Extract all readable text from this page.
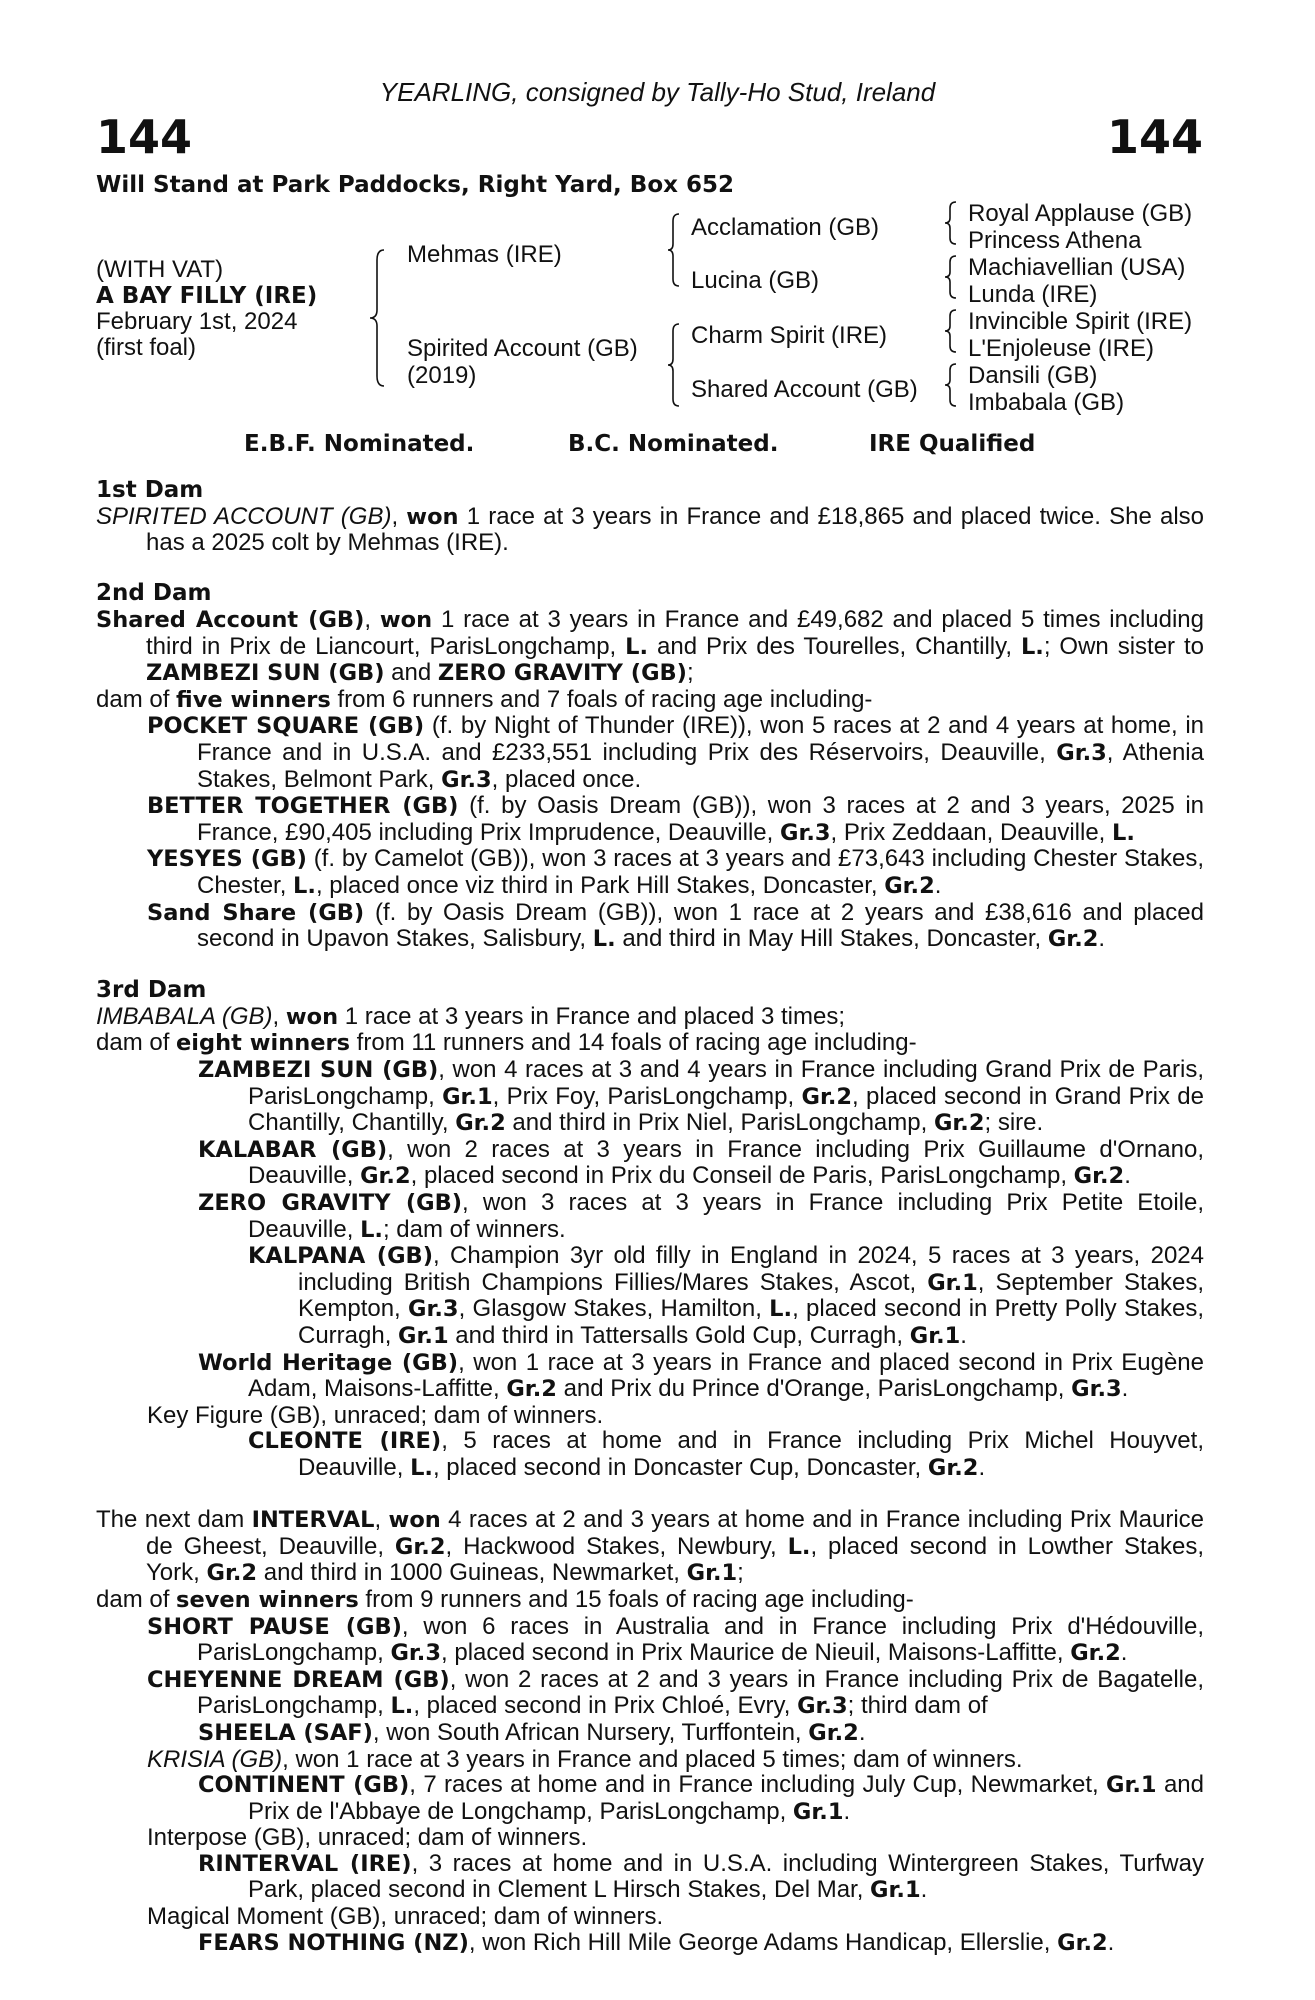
YEARLING, consigned by Tally-Ho Stud, Ireland
144	144
Will Stand at Park Paddocks, Right Yard, Box 652
(WITH VAT)
A BAY FILLY (IRE)
February 1st, 2024
(first foal)
Mehmas (IRE)
Spirited Account (GB)
(2019)
Acclamation (GB)
Lucina (GB)
Charm Spirit (IRE)
Shared Account (GB)
Royal Applause (GB)
Princess Athena
Machiavellian (USA)
Lunda (IRE)
Invincible Spirit (IRE)
L'Enjoleuse (IRE)
Dansili (GB)
Imbabala (GB)
E.B.F. Nominated.	B.C. Nominated.	IRE Qualified
1st Dam
SPIRITED ACCOUNT (GB), won 1 race at 3 years in France and £18,865 and placed twice. She also has a 2025 colt by Mehmas (IRE).
2nd Dam
Shared Account (GB), won 1 race at 3 years in France and £49,682 and placed 5 times including third in Prix de Liancourt, ParisLongchamp, L. and Prix des Tourelles, Chantilly, L.; Own sister to ZAMBEZI SUN (GB) and ZERO GRAVITY (GB);
dam of five winners from 6 runners and 7 foals of racing age including-
POCKET SQUARE (GB) (f. by Night of Thunder (IRE)), won 5 races at 2 and 4 years at home, in France and in U.S.A. and £233,551 including Prix des Réservoirs, Deauville, Gr.3, Athenia Stakes, Belmont Park, Gr.3, placed once.
BETTER TOGETHER (GB) (f. by Oasis Dream (GB)), won 3 races at 2 and 3 years, 2025 in France, £90,405 including Prix Imprudence, Deauville, Gr.3, Prix Zeddaan, Deauville, L.
YESYES (GB) (f. by Camelot (GB)), won 3 races at 3 years and £73,643 including Chester Stakes, Chester, L., placed once viz third in Park Hill Stakes, Doncaster, Gr.2.
Sand Share (GB) (f. by Oasis Dream (GB)), won 1 race at 2 years and £38,616 and placed second in Upavon Stakes, Salisbury, L. and third in May Hill Stakes, Doncaster, Gr.2.
3rd Dam
IMBABALA (GB), won 1 race at 3 years in France and placed 3 times;
dam of eight winners from 11 runners and 14 foals of racing age including-
ZAMBEZI SUN (GB), won 4 races at 3 and 4 years in France including Grand Prix de Paris, ParisLongchamp, Gr.1, Prix Foy, ParisLongchamp, Gr.2, placed second in Grand Prix de Chantilly, Chantilly, Gr.2 and third in Prix Niel, ParisLongchamp, Gr.2; sire.
KALABAR (GB), won 2 races at 3 years in France including Prix Guillaume d'Ornano, Deauville, Gr.2, placed second in Prix du Conseil de Paris, ParisLongchamp, Gr.2.
ZERO GRAVITY (GB), won 3 races at 3 years in France including Prix Petite Etoile, Deauville, L.; dam of winners.
KALPANA (GB), Champion 3yr old filly in England in 2024, 5 races at 3 years, 2024 including British Champions Fillies/Mares Stakes, Ascot, Gr.1, September Stakes, Kempton, Gr.3, Glasgow Stakes, Hamilton, L., placed second in Pretty Polly Stakes, Curragh, Gr.1 and third in Tattersalls Gold Cup, Curragh, Gr.1.
World Heritage (GB), won 1 race at 3 years in France and placed second in Prix Eugène Adam, Maisons-Laffitte, Gr.2 and Prix du Prince d'Orange, ParisLongchamp, Gr.3.
Key Figure (GB), unraced; dam of winners.
CLEONTE (IRE), 5 races at home and in France including Prix Michel Houyvet, Deauville, L., placed second in Doncaster Cup, Doncaster, Gr.2.
The next dam INTERVAL, won 4 races at 2 and 3 years at home and in France including Prix Maurice de Gheest, Deauville, Gr.2, Hackwood Stakes, Newbury, L., placed second in Lowther Stakes, York, Gr.2 and third in 1000 Guineas, Newmarket, Gr.1;
dam of seven winners from 9 runners and 15 foals of racing age including-
SHORT PAUSE (GB), won 6 races in Australia and in France including Prix d'Hédouville, ParisLongchamp, Gr.3, placed second in Prix Maurice de Nieuil, Maisons-Laffitte, Gr.2.
CHEYENNE DREAM (GB), won 2 races at 2 and 3 years in France including Prix de Bagatelle, ParisLongchamp, L., placed second in Prix Chloé, Evry, Gr.3; third dam of
SHEELA (SAF), won South African Nursery, Turffontein, Gr.2.
KRISIA (GB), won 1 race at 3 years in France and placed 5 times; dam of winners.
CONTINENT (GB), 7 races at home and in France including July Cup, Newmarket, Gr.1 and Prix de l'Abbaye de Longchamp, ParisLongchamp, Gr.1.
Interpose (GB), unraced; dam of winners.
RINTERVAL (IRE), 3 races at home and in U.S.A. including Wintergreen Stakes, Turfway Park, placed second in Clement L Hirsch Stakes, Del Mar, Gr.1.
Magical Moment (GB), unraced; dam of winners.
FEARS NOTHING (NZ), won Rich Hill Mile George Adams Handicap, Ellerslie, Gr.2.
